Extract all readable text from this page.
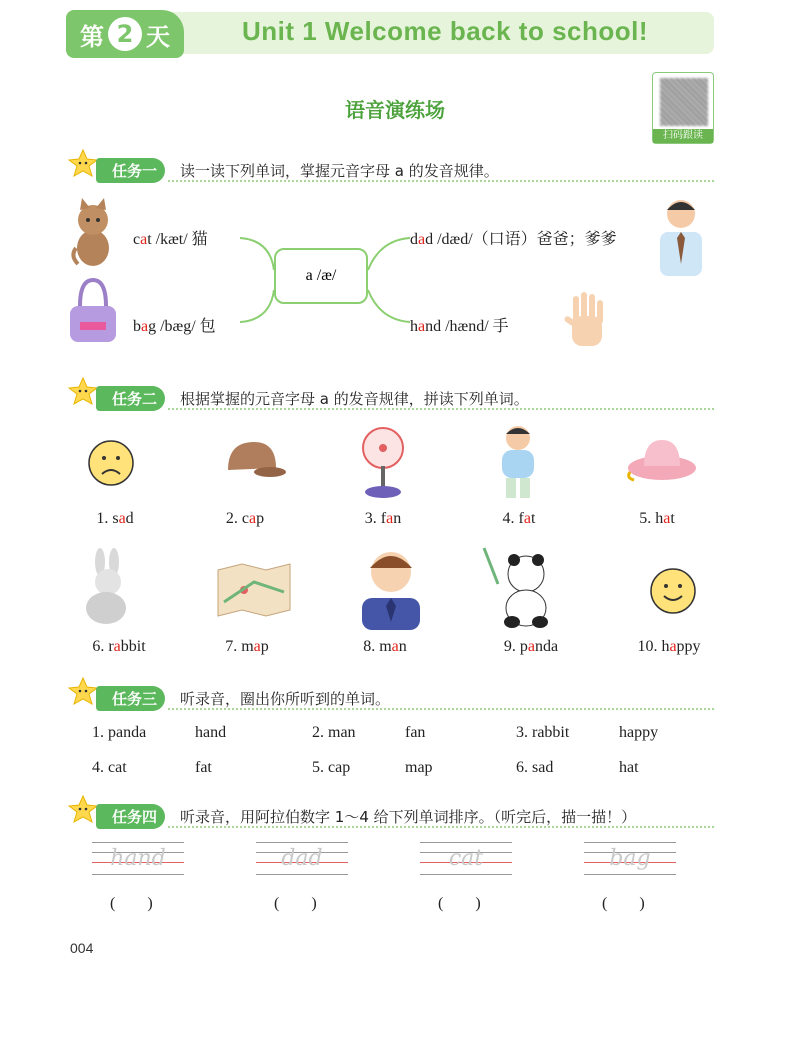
第 2 天	Unit 1 Welcome back to school!
语音演练场
扫码跟读
任务一	读一读下列单词，掌握元音字母 a 的发音规律。
a /æ/
cat /kæt/ 猫
bag /bæg/ 包
dad /dæd/（口语）爸爸；爹爹
hand /hænd/ 手
任务二	根据掌握的元音字母 a 的发音规律，拼读下列单词。
1. sad	2. cap	3. fan	4. fat	5. hat
6. rabbit	7. map	8. man	9. panda	10. happy
任务三	听录音，圈出你所听到的单词。
1. panda	hand	2. man	fan	3. rabbit	happy
4. cat	fat	5. cap	map	6. sad	hat
任务四	听录音，用阿拉伯数字 1～4 给下列单词排序。（听完后，描一描！）
hand
(　　)
dad
(　　)
cat
(　　)
bag
(　　)
004
